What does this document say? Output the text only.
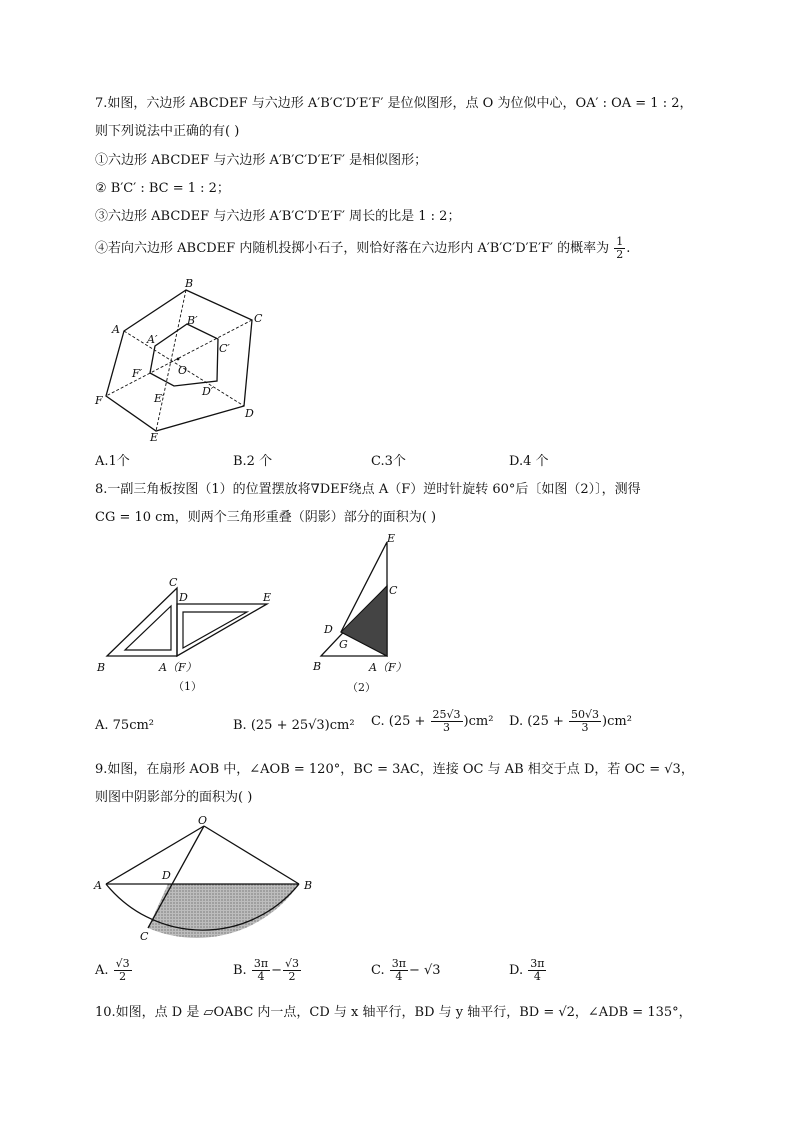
7.如图，六边形 ABCDEF 与六边形 A′B′C′D′E′F′ 是位似图形，点 O 为位似中心，OA′ : OA = 1 : 2，
则下列说法中正确的有( )
①六边形 ABCDEF 与六边形 A′B′C′D′E′F′ 是相似图形；
② B′C′ : BC = 1 : 2；
③六边形 ABCDEF 与六边形 A′B′C′D′E′F′ 周长的比是 1 : 2；
④若向六边形 ABCDEF 内随机投掷小石子，则恰好落在六边形内 A′B′C′D′E′F′ 的概率为 $\frac{1}{2}$ .
B
C
D
E
F
A
A′
B′
C′
D′
E′
F′	O
A.1个	B.2 个	C.3个	D.4 个
8.一副三角板按图（1）的位置摆放将∇DEF绕点 A（F）逆时针旋转 60°后〔如图（2）〕，测得
CG = 10 cm，则两个三角形重叠（阴影）部分的面积为( )
B
C
D	E
A（F）
（1）
E
C
D
G
B	A（F）
（2）
A. 75cm²	B. (25 + 25√3)cm² C. $(25 + \frac{25√3}{3} )cm^2$ D. $(25 + \frac{50√3}{3} )cm^2$
9.如图，在扇形 AOB 中，∠AOB = 120°，BC = 3AC，连接 OC 与 AB 相交于点 D，若 OC = √3，
则图中阴影部分的面积为( )
O
A	B
D
C
A. $\frac{√3}{2}$	B. $\frac{3\pi}{4} - \frac{√3}{2}$	C. $\frac{3\pi}{4} - √3$	D. $\frac{3\pi}{4}$
10.如图，点 D 是 ▱OABC 内一点，CD 与 x 轴平行，BD 与 y 轴平行，BD = √2，∠ADB = 135°，
